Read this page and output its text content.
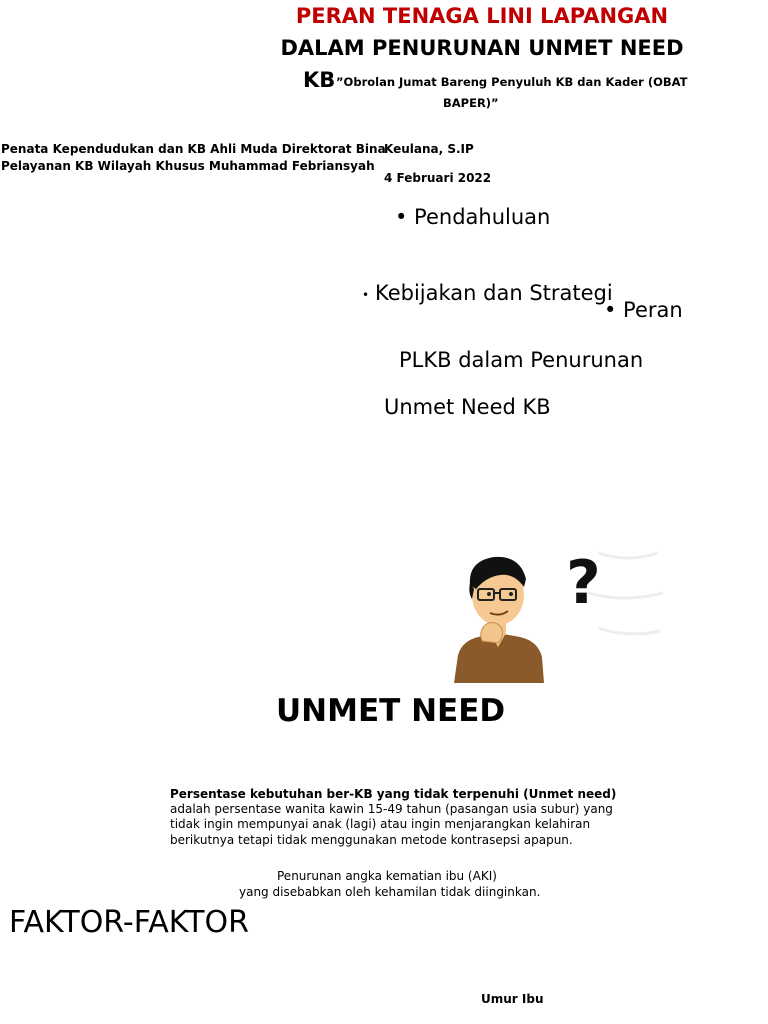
PERAN TENAGA LINI LAPANGAN
DALAM PENURUNAN UNMET NEED
KB ”Obrolan Jumat Bareng Penyuluh KB dan Kader (OBAT
BAPER)”
Penata Kependudukan dan KB Ahli Muda Direktorat Bina
Pelayanan KB Wilayah Khusus Muhammad Febriansyah
Keulana, S.IP
4 Februari 2022
• Pendahuluan
• Kebijakan dan Strategi
• Peran
PLKB dalam Penurunan
Unmet Need KB
?
UNMET NEED
Persentase kebutuhan ber-KB yang tidak terpenuhi (Unmet need)
adalah persentase wanita kawin 15-49 tahun (pasangan usia subur) yang
tidak ingin mempunyai anak (lagi) atau ingin menjarangkan kelahiran
berikutnya tetapi tidak menggunakan metode kontrasepsi apapun.
Penurunan angka kematian ibu (AKI)
yang disebabkan oleh kehamilan tidak diinginkan.
FAKTOR-FAKTOR
Umur Ibu
